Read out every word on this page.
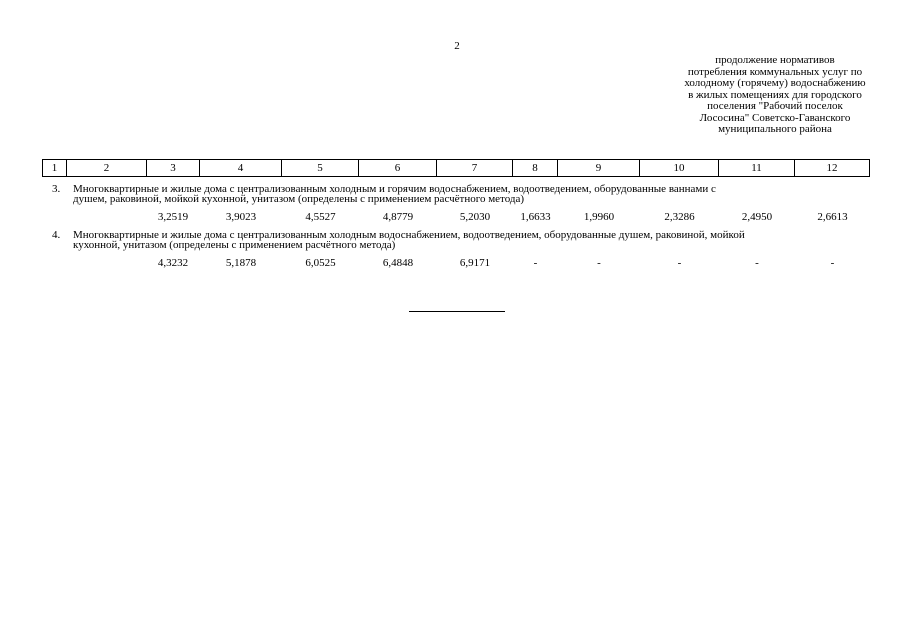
2
продолжение нормативов
потребления коммунальных услуг по
холодному (горячему) водоснабжению
в жилых помещениях для городского
поселения "Рабочий поселок
Лососина" Советско-Гаванского
муниципального района
1	2	3	4	5	6	7	8	9	10	11	12
3. Многоквартирные и жилые дома с централизованным холодным и горячим водоснабжением, водоотведением, оборудованные ваннами с
душем, раковиной, мойкой кухонной, унитазом (определены с применением расчётного метода)
3,2519	3,9023	4,5527	4,8779	5,2030	1,6633	1,9960	2,3286	2,4950	2,6613
4. Многоквартирные и жилые дома с централизованным холодным водоснабжением, водоотведением, оборудованные душем, раковиной, мойкой
кухонной, унитазом (определены с применением расчётного метода)
4,3232	5,1878	6,0525	6,4848	6,9171	-	-	-	-	-
